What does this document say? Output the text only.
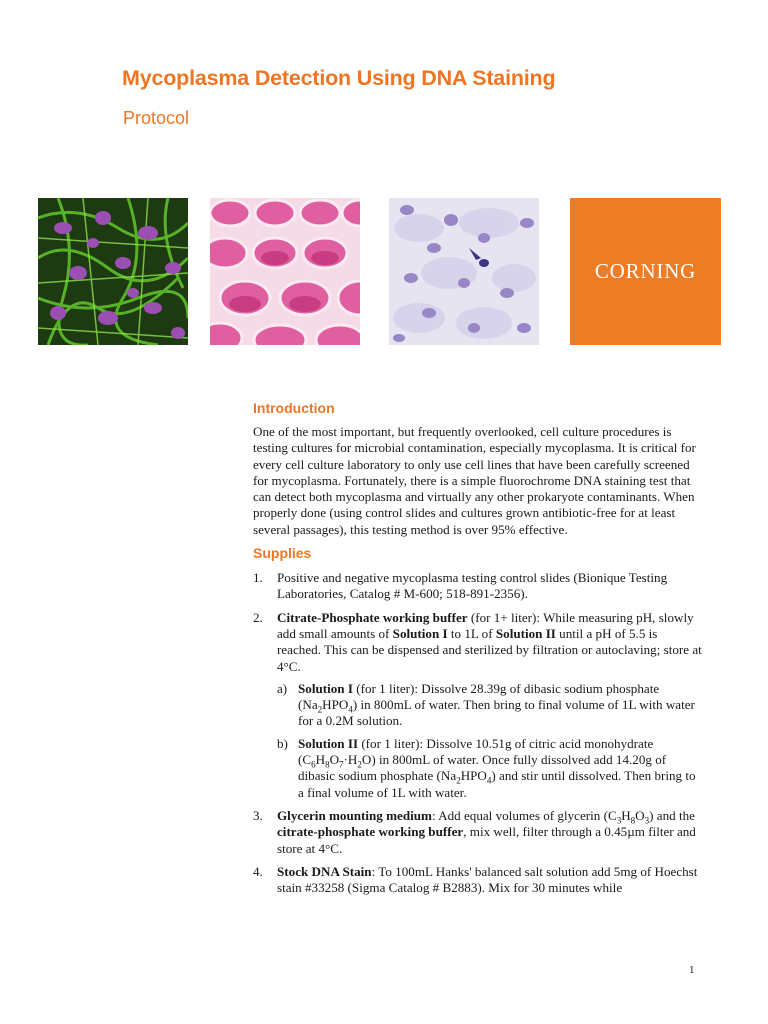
Mycoplasma Detection Using DNA Staining
Protocol
CORNING
Introduction

One of the most important, but frequently overlooked, cell culture procedures is testing cultures for microbial contamination, especially mycoplasma. It is critical for every cell culture laboratory to only use cell lines that have been carefully screened for mycoplasma. Fortunately, there is a simple fluorochrome DNA staining test that can detect both mycoplasma and virtually any other prokaryote contaminants. When properly done (using control slides and cultures grown antibiotic-free for at least several passages), this testing method is over 95% effective.

Supplies
1. Positive and negative mycoplasma testing control slides (Bionique Testing Laboratories, Catalog # M-600; 518-891-2356).
2. Citrate-Phosphate working buffer (for 1+ liter): While measuring pH, slowly add small amounts of Solution I to 1L of Solution II until a pH of 5.5 is reached. This can be dispensed and sterilized by filtration or autoclaving; store at 4°C.
a) Solution I (for 1 liter): Dissolve 28.39g of dibasic sodium phosphate $(Na_2HPO_4)$ in 800mL of water. Then bring to final volume of 1L with water for a 0.2M solution.
b) Solution II (for 1 liter): Dissolve 10.51g of citric acid monohydrate $(C_6H_8O_7\cdot H_2O)$ in 800mL of water. Once fully dissolved add 14.20g of dibasic sodium phosphate $(Na_2HPO_4)$ and stir until dissolved. Then bring to a final volume of 1L with water.
3. Glycerin mounting medium: Add equal volumes of glycerin $(C_3H_8O_3)$ and the citrate-phosphate working buffer, mix well, filter through a 0.45µm filter and store at 4°C.
4. Stock DNA Stain: To 100mL Hanks' balanced salt solution add 5mg of Hoechst stain #33258 (Sigma Catalog # B2883). Mix for 30 minutes while
1
